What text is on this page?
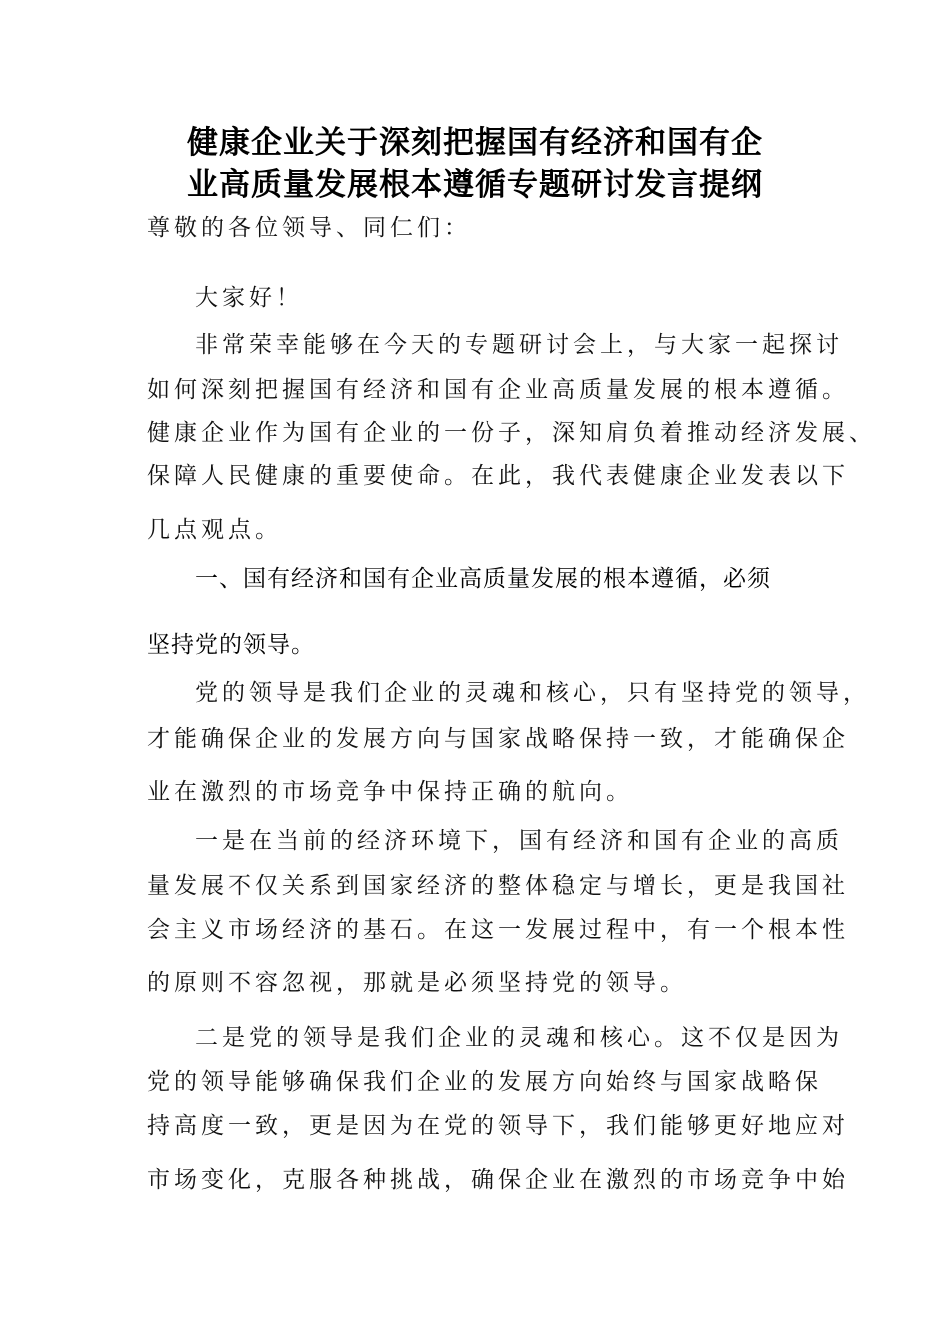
健康企业关于深刻把握国有经济和国有企
业高质量发展根本遵循专题研讨发言提纲
尊敬的各位领导、同仁们：
大家好！
非常荣幸能够在今天的专题研讨会上，与大家一起探讨
如何深刻把握国有经济和国有企业高质量发展的根本遵循。
健康企业作为国有企业的一份子，深知肩负着推动经济发展、
保障人民健康的重要使命。在此，我代表健康企业发表以下
几点观点。
一、国有经济和国有企业高质量发展的根本遵循，必须
坚持党的领导。
党的领导是我们企业的灵魂和核心，只有坚持党的领导，
才能确保企业的发展方向与国家战略保持一致，才能确保企
业在激烈的市场竞争中保持正确的航向。
一是在当前的经济环境下，国有经济和国有企业的高质
量发展不仅关系到国家经济的整体稳定与增长，更是我国社
会主义市场经济的基石。在这一发展过程中，有一个根本性
的原则不容忽视，那就是必须坚持党的领导。
二是党的领导是我们企业的灵魂和核心。这不仅是因为
党的领导能够确保我们企业的发展方向始终与国家战略保
持高度一致，更是因为在党的领导下，我们能够更好地应对
市场变化，克服各种挑战，确保企业在激烈的市场竞争中始
